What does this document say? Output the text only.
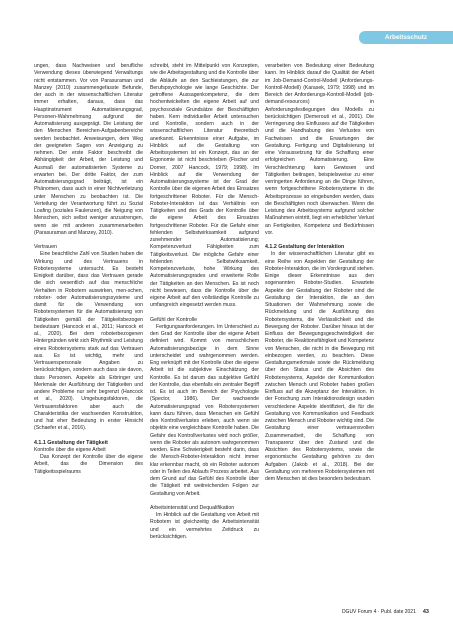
Arbeitsschutz

ungen, dass Nachweisen und berufliche Verwendung dieses überwiegend Verwaltungs nicht entstammen. Vor von Parasuraman und Manzey (2010) zusammengefasste Befunde, der auch in der wissenschaftlichen Literatur immer erhalten, daraus, dass das Hauptinstrument Automatisierungsgrad, Personen-Wahrnehmung aufgrund der Automatisierung ausgeprägt. Die Leistung der den Menschen Bereichen-Aufgabenbereiche werden beobachtet. Anweisungen, dem Weg der geeigneten Sagen von Anzeigung zu nehmen. Der erste Faktor beschreibt die Abhängigkeit der Arbeit, der Leistung und Ausmaß der automatisierten Systeme zu erwarten bei. Der dritte Faktor, der zum Automatisierungsgrad beiträgt, ist ein Phänomen, dass auch in einer Nichtverletzung unter Menschen zu beobachten ist. Die Verteilung der Verantwortung führt zu Sozial Loafing (soziales Faulenzen), die Neigung von Menschen, sich selbst weniger anzustrengen, wenn sie mit anderen zusammenarbeiten (Parasuraman and Manzey, 2010).

Vertrauen

Eine beachtliche Zahl von Studien haben die Wirkung und des Vertrauens in Robotersysteme untersucht. Es besteht Einigkeit darüber, dass das Vertrauen gerade die sich wesentlich auf das menschliche Verhalten in Robotern auswirken, men-schen, roboter- oder Automatisierungssysteme und damit für die Verwendung von Robotersystemen für die Automatisierung von Tätigkeiten gemäß der Tätigkeitsbezogen bedeutsam (Hancock et al., 2011; Hancock et al., 2020). Bei dem roboterbezogenen Hintergründen wirkt sich Rhythmik und Leistung eines Robotersystems stark auf das Vertrauen aus. Es ist wichtig, mehr und Vertrauenspersonale Angaben zu berücksichtigen, sondern auch dass sie davon, dass Personen. Aspekte als Erbringer und Merkmale der Ausführung der Tätigkeiten und andere Probleme nur sehr begrenzt (Hancock et al., 2020). Umgebungsfaktoren, die Vertrauensfaktoren aber auch die Charakteristika der wachsenden Konstruktion, und hat eher Bedeutung in erster Hinsicht (Schaefer et al., 2016).

4.1.1 Gestaltung der Tätigkeit

Kontrolle über die eigene Arbeit

Das Konzept der Kontrolle über die eigene Arbeit, das die Dimension des Tätigkeitsspielraums

schreibt, steht im Mittelpunkt von Konzepten, wie die Arbeitsgestaltung und die Kontrolle über die Abläufe an den Sachleistungen, die zur Berufspsychologie wie lange Geschichte. Der getroffene Aussagenkompetenz, die dem hochentwickelten die eigene Arbeit auf und psychosoziale Grundsätze der Beschäftigten haben. Kern individueller Arbeit untersuchen und Kontrolle, sondern auch in der wissenschaftlichen Literatur theoretisch anerkannt. Erkenntnisse einer Aufgabe, im Hinblick auf die Gestaltung von Arbeitssystemen ist ein Konzept, das an der Ergonomie ist nicht beschrieben (Fischer und Dorner, 2007 Hancock, 1979; 1998). Im Hinblick auf die Verwendung der Automatisierungssysteme ist der Grad der Kontrolle über die eigenen Arbeit des Einsatzes fortgeschrittener Roboter. Für die Mensch-Roboter-Interaktion ist das Verhältnis von Tätigkeiten und des Grads der Kontrolle über die eigene Arbeit des Einsatzes fortgeschrittener Roboter. Für die Gefahr einer fehlenden Selbstwirksamkeit aufgrund zunehmender Automatisierung; Kompetenzverlust Fähigkeiten zum Tätigkeitsverlust. Die mögliche Gefahr einer fehlenden Selbstwirksamkeit. Kompetenzverluste, hohe Wirkung des Automatisierungsgrades und erweiterte Rolle der Tätigkeiten an den Menschen. Es ist noch nicht bewiesen, dass die Kontrolle über die eigene Arbeit auf den vollständige Kontrolle zu umfangreich eingesetzt werden muss.

Gefühl der Kontrolle

Fertigungsanforderungen. Im Unterschied zu den Grad der Kontrolle über die eigene Arbeit definiert wird. Kommt von menschlichem Automatisierungsbezüge in dem Sinne unterscheidet und wahrgenommen werden. Eng verknüpft mit der Kontrolle über die eigene Arbeit ist die subjektive Einschätzung der Kontrolle. Es ist darum das subjektive Gefühl der Kontrolle, das ebenfalls ein zentraler Begriff ist. Es ist auch im Bereich der Psychologie (Spector, 1986). Der wachsende Automatisierungsgrad von Robotersystemen kann dazu führen, dass Menschen ein Gefühl des Kontrollverlustes erleben, auch wenn sie objektiv eine vergleichbare Kontrolle haben. Die Gefahr des Kontrollverlustes wird noch größer, wenn die Roboter als autonom wahrgenommen werden. Eine Schwierigkeit besteht darin, dass die Mensch-Roboter-Interaktion nicht immer klar erkennbar macht, ob ein Roboter autonom oder in Teilen des Ablaufs Prozess arbeitet. Aus dem Grund auf das Gefühl des Kontrolle über die Tätigkeit mit weitreichenden Folgen zur Gestaltung von Arbeit.

Arbeitsintensität und Dequalifikation

Im Hinblick auf die Gestaltung von Arbeit mit Robotern ist gleichzeitig die Arbeitsintensität und ein vermehrtes Zeitdruck zu berücksichtigen.

verarbeiten von Bedeutung einer Bedeutung kann. Im Hinblick darauf die Qualität der Arbeit im Job-Demand-Control-Modell (Anforderungs-Kontroll-Modell) (Karasek, 1979; 1998) und im Bereich der Anforderungs-Kontroll-Modell (job-demand-resources) in Anforderungsfestlegungen des Modells zu berücksichtigen (Demerouti et al., 2001). Die Verringerung des Einflusses auf die Tätigkeiten und die Handhabung des Verlustes von Fachwissen und die Erwartungen der Gestaltung. Fertigung und Digitalisierung ist eine Voraussetzung für die Schaffung einer erfolgreichen Automatisierung. Eine Verschlechterung kann Gewissen und Tätigkeiten beitragen, beispielsweise zu einer verringerten Anforderung an die Dinge führen, wenn fortgeschrittene Robotersysteme in die Arbeitsprozesse so eingebunden werden, dass die Beschäftigten noch überwachen. Wenn die Leistung des Arbeitssystems aufgrund solcher Maßnahmen eintritt, liegt ein erheblicher Verlust an Fertigkeiten, Kompetenz und Bedürfnissen vor.

4.1.2 Gestaltung der Interaktion

In der wissenschaftlichen Literatur gibt es eine Reihe von Aspekten der Gestaltung der Roboter-Interaktion, die im Vordergrund stehen. Einige dieser Erkenntnisse aus den sogenannten Roboter-Studien. Erwartete Aspekte der Gestaltung der Roboter sind die Gestaltung der Interaktion, die an den Situationen der Wahrnehmung sowie die Rückmeldung und die Ausführung des Robotersystems, die Verlässlichkeit und die Bewegung der Roboter. Darüber hinaus ist der Einfluss der Bewegungsgeschwindigkeit der Roboter, die Reaktionsfähigkeit und Kompetenz von Menschen, die nicht in die Bewegung mit einbezogen werden, zu beachten. Diese Gestaltungsmerkmale sowie die Rückmeldung über den Status und die Absichten des Robotersystems, Aspekte der Kommunikation zwischen Mensch und Roboter haben großen Einfluss auf die Akzeptanz der Interaktion. In der Forschung zum Interaktionsdesign wurden verschiedene Aspekte identifiziert, die für die Gestaltung von Kommunikation und Feedback zwischen Mensch und Roboter wichtig sind. Die Gestaltung einer vertrauensvollen Zusammenarbeit, die Schaffung von Transparenz über den Zustand und die Absichten des Robotersystems, sowie die ergonomische Gestaltung gehören zu den Aufgaben (Jakob et al., 2018). Bei der Gestaltung von mehreren Robotersystemen mit dem Menschen ist dies besonders bedeutsam.

DGUV Forum 4 · Publ. date 2021 43
